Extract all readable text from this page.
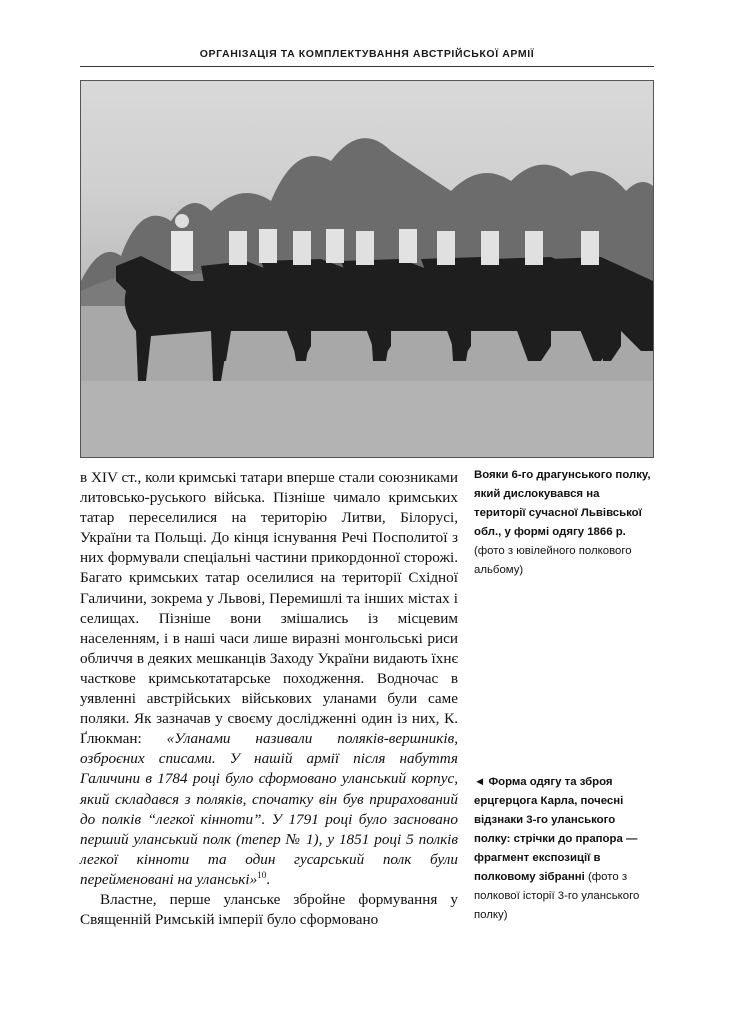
ОРГАНІЗАЦІЯ ТА КОМПЛЕКТУВАННЯ АВСТРІЙСЬКОЇ АРМІЇ

в XIV ст., коли кримські татари вперше стали союзниками литовсько-руського війська. Пізніше чимало кримських татар переселилися на територію Литви, Білорусі, України та Польщі. До кінця існування Речі Посполитої з них формували спеціальні частини прикордонної сторожі. Багато кримських татар оселилися на території Східної Галичини, зокрема у Львові, Перемишлі та інших містах і селищах. Пізніше вони змішались із місцевим населенням, і в наші часи лише виразні монгольські риси обличчя в деяких мешканців Заходу України видають їхнє часткове кримськотатарське походження. Водночас в уявленні австрійських військових уланами були саме поляки. Як зазначав у своєму дослідженні один із них, К. Ґлюкман: «Уланами називали поляків-вершників, озброєних списами. У нашій армії після набуття Галичини в 1784 році було сформовано уланський корпус, який складався з поляків, спочатку він був прирахований до полків “легкої кінноти”. У 1791 році було засновано перший уланський полк (тепер № 1), у 1851 році 5 полків легкої кінноти та один гусарський полк були перейменовані на уланські»$^{10}$.

Властне, перше уланське збройне формування у Священній Римській імперії було сформовано

Вояки 6-го драгунського полку, який дислокувався на території сучасної Львівської обл., у формі одягу 1866 р. (фото з ювілейного полкового альбому)
◄ Форма одягу та зброя ерцгерцога Карла, почесні відзнаки 3-го уланського полку: стрічки до прапора — фрагмент експозиції в полковому зібранні (фото з полкової історії 3-го уланського полку)
